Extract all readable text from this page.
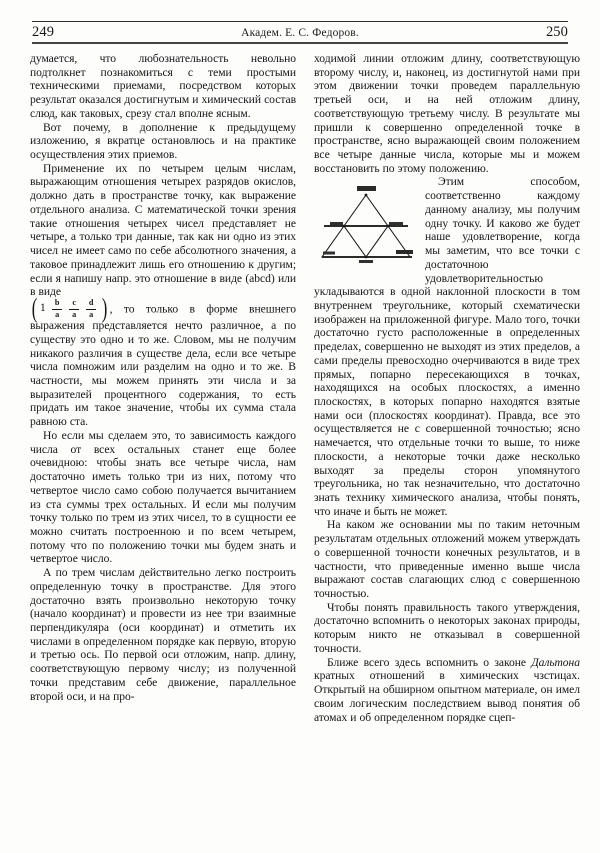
249	Академ. Е. С. Федоров.	250

думается, что любознательность невольно подтолкнет познакомиться с теми простыми техническими приемами, посредством которых результат оказался достигнутым и химический состав слюд, как таковых, срезу стал вполне ясным.

Вот почему, в дополнение к предыдущему изложению, я вкратце остановлюсь и на практике осуществления этих приемов.

Применение их по четырем целым числам, выражающим отношения четырех разрядов окислов, должно дать в пространстве точку, как выражение отдельного анализа. С математической точки зрения такие отношения четырех чисел представляет не четыре, а только три данные, так как ни одно из этих чисел не имеет само по себе абсолютного значения, а таковое принадлежит лишь его отношению к другим; если я напишу напр. это отношение в виде (abcd) или в виде

( $1 \frac{b}{a} \frac{c}{a} \frac{d}{a}$ ) , то только в форме внешнего выражения представляется нечто различное, а по существу это одно и то же. Словом, мы не получим никакого различия в существе дела, если все четыре числа помножим или разделим на одно и то же. В частности, мы можем принять эти числа и за выразителей процентного содержания, то есть придать им такое значение, чтобы их сумма стала равною ста.

Но если мы сделаем это, то зависимость каждого числа от всех остальных станет еще более очевидною: чтобы знать все четыре числа, нам достаточно иметь только три из них, потому что четвертое число само собою получается вычитанием из ста суммы трех остальных. И если мы получим точку только по трем из этих чисел, то в сущности ее можно считать построенною и по всем четырем, потому что по положению точки мы будем знать и четвертое число.

А по трем числам действительно легко построить определенную точку в пространстве. Для этого достаточно взять произвольно некоторую точку (начало координат) и провести из нее три взаимные перпендикуляра (оси координат) и отметить их числами в определенном порядке как первую, вторую и третью ось. По первой оси отложим, напр. длину, соответствующую первому числу; из полученной точки представим себе движение, параллельное второй оси, и на про-

ходимой линии отложим длину, соответствующую второму числу, и, наконец, из достигнутой нами при этом движении точки проведем параллельную третьей оси, и на ней отложим длину, соответствующую третьему числу. В результате мы пришли к совершенно определенной точке в пространстве, ясно выражающей своим положением все четыре данные числа, которые мы и можем восстановить по этому положению.

Этим способом, соответственно каждому данному анализу, мы получим одну точку. И каково же будет наше удовлетворение, когда мы заметим, что все точки с достаточною удовлетворительностью укладываются в одной наклонной плоскости в том внутреннем треугольнике, который схематически изображен на приложенной фигуре. Мало того, точки достаточно густо расположенные в определенных пределах, совершенно не выходят из этих пределов, а сами пределы превосходно очерчиваются в виде трех прямых, попарно пересекающихся в точках, находящихся на особых плоскостях, а именно плоскостях, в которых попарно находятся взятые нами оси (плоскостях координат). Правда, все это осуществляется не с совершенной точностью; ясно намечается, что отдельные точки то выше, то ниже плоскости, а некоторые точки даже несколько выходят за пределы сторон упомянутого треугольника, но так незначительно, что достаточно знать технику химического анализа, чтобы понять, что иначе и быть не может.

На каком же основании мы по таким неточным результатам отдельных отложений можем утверждать о совершенной точности конечных результатов, и в частности, что приведенные именно выше числа выражают состав слагающих слюд с совершенною точностью.

Чтобы понять правильность такого утверждения, достаточно вспомнить о некоторых законах природы, которым никто не отказывал в совершенной точности.

Ближе всего здесь вспомнить о законе Дальтона кратных отношений в химических чзстицах. Открытый на обширном опытном материале, он имел своим логическим последствием вывод понятия об атомах и об определенном порядке сцеп-
